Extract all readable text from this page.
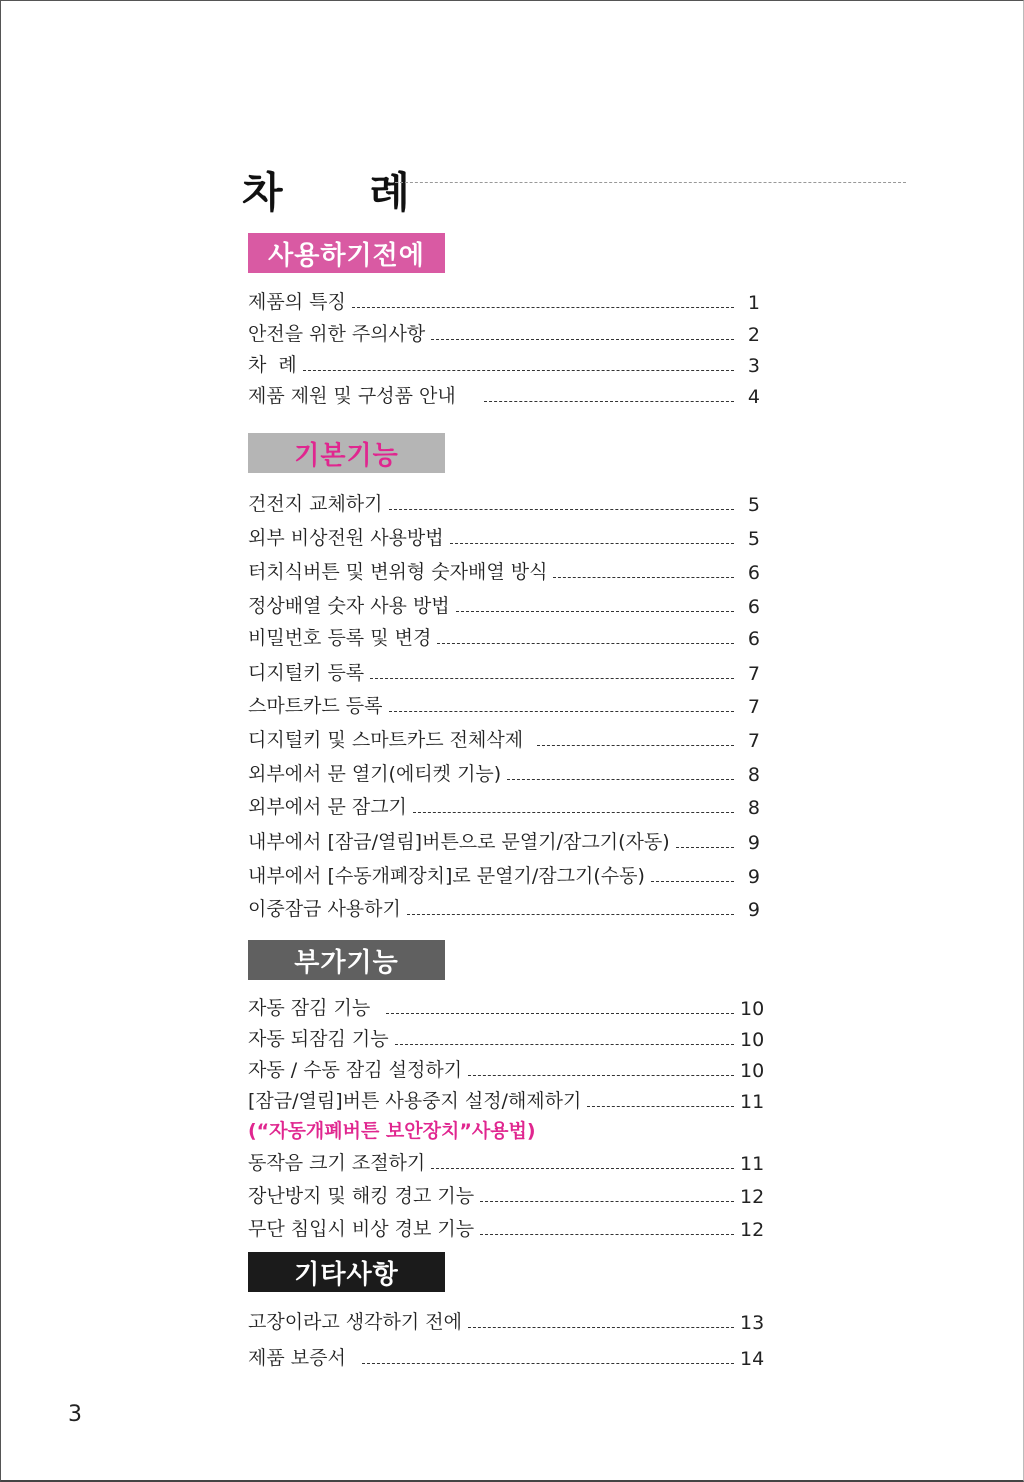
차 례
사용하기전에
제품의 특징	1
안전을 위한 주의사항	2
차  례	3
제품 제원 및 구성품 안내	4
기본기능
건전지 교체하기	5
외부 비상전원 사용방법	5
터치식버튼 및 변위형 숫자배열 방식	6
정상배열 숫자 사용 방법	6
비밀번호 등록 및 변경	6
디지털키 등록	7
스마트카드 등록	7
디지털키 및 스마트카드 전체삭제	7
외부에서 문 열기(에티켓 기능)	8
외부에서 문 잠그기	8
내부에서 [잠금/열림]버튼으로 문열기/잠그기(자동)	9
내부에서 [수동개폐장치]로 문열기/잠그기(수동)	9
이중잠금 사용하기	9
부가기능
자동 잠김 기능	10
자동 되잠김 기능	10
자동 / 수동 잠김 설정하기	10
[잠금/열림]버튼 사용중지 설정/해제하기	11
(“자동개폐버튼 보안장치”사용법)
동작음 크기 조절하기	11
장난방지 및 해킹 경고 기능	12
무단 침입시 비상 경보 기능	12
기타사항
고장이라고 생각하기 전에	13
제품 보증서	14
3
